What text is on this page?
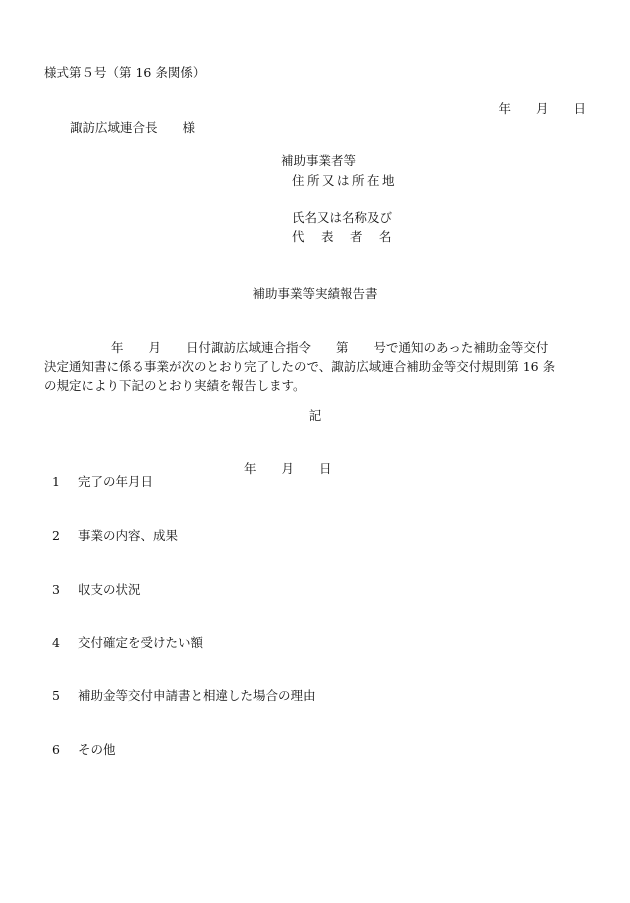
様式第５号（第 16 条関係）
年　　月　　日
諏訪広域連合長　　様
補助事業者等
住所又は所在地
氏名又は名称及び
代　 表　 者　 名
補助事業等実績報告書
年　　月　　日付諏訪広域連合指令　　第　　号で通知のあった補助金等交付
決定通知書に係る事業が次のとおり完了したので、諏訪広域連合補助金等交付規則第 16 条
の規定により下記のとおり実績を報告します。
記

1 完了の年月日

年　　月　　日

2 事業の内容、成果

3 収支の状況

4 交付確定を受けたい額

5 補助金等交付申請書と相違した場合の理由

6 その他
